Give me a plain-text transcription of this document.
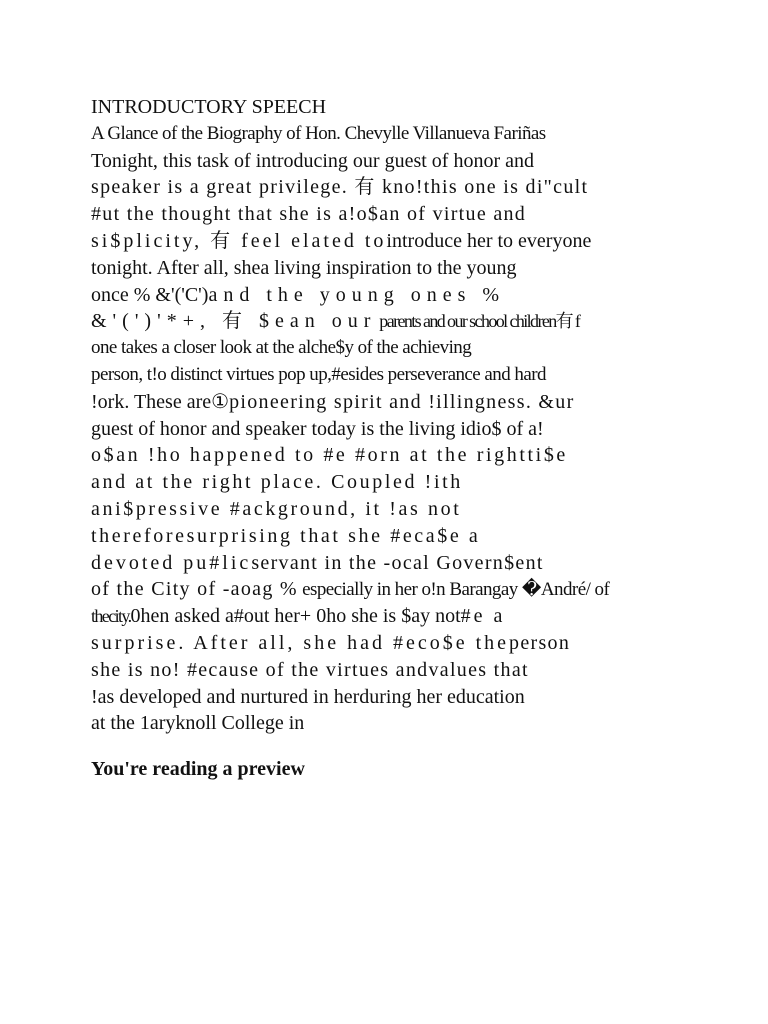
INTRODUCTORY SPEECH
A Glance of the Biography of Hon. Chevylle Villanueva Fariñas
Tonight, this task of introducing our guest of honor and
speaker is a great privilege. 有 kno!this one is di"cult
#ut the thought that she is a!o$an of virtue and
si$plicity, 有 feel elated tointroduce her to everyone
tonight. After all, shea living inspiration to the young
once % &'('C')and the young ones %
&'(')'*+, 有 $ean our parents and our school children有 f
one takes a closer look at the alche$y of the achieving
person, t!o distinct virtues pop up,#esides perseverance and hard
!ork. These are①pioneering spirit and !illingness. &ur
guest of honor and speaker today is the living idio$ of a!
o$an !ho happened to #e #orn at the rightti$e
and at the right place. Coupled !ith
ani$pressive #ackground, it !as not
thereforesurprising that she #eca$e a
devoted pu#licservant in the -ocal Govern$ent
of the City of -aoag % especially in her o!n Barangay �André/ of
thecity.0hen asked a#out her+ 0ho she is $ay not#e a
surprise. After all, she had #eco$e theperson
she is no! #ecause of the virtues andvalues that
!as developed and nurtured in herduring her education
at the 1aryknoll College in
You're reading a preview
